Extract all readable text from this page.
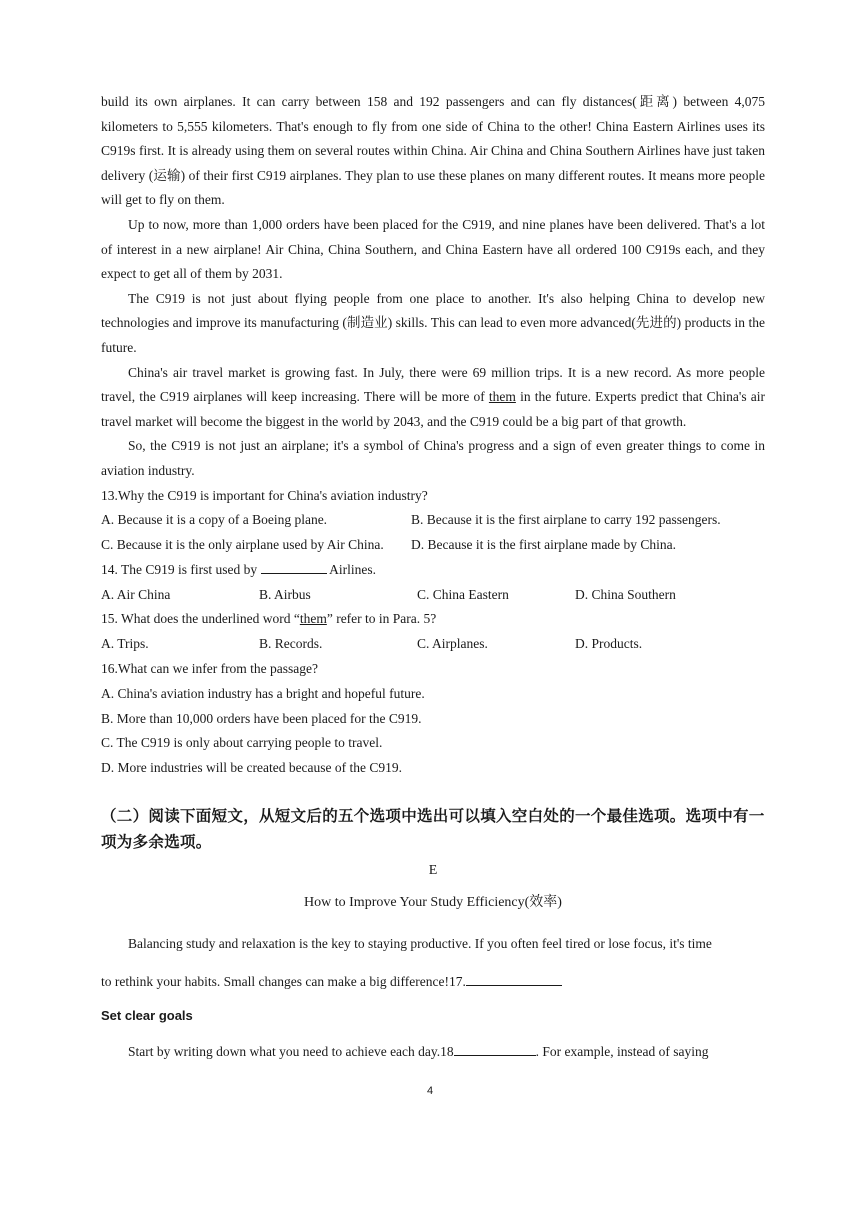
build its own airplanes. It can carry between 158 and 192 passengers and can fly distances(距离) between 4,075 kilometers to 5,555 kilometers. That's enough to fly from one side of China to the other! China Eastern Airlines uses its C919s first. It is already using them on several routes within China. Air China and China Southern Airlines have just taken delivery (运输) of their first C919 airplanes. They plan to use these planes on many different routes. It means more people will get to fly on them.

Up to now, more than 1,000 orders have been placed for the C919, and nine planes have been delivered. That's a lot of interest in a new airplane! Air China, China Southern, and China Eastern have all ordered 100 C919s each, and they expect to get all of them by 2031.

The C919 is not just about flying people from one place to another. It's also helping China to develop new technologies and improve its manufacturing (制造业) skills. This can lead to even more advanced(先进的) products in the future.

China's air travel market is growing fast. In July, there were 69 million trips. It is a new record. As more people travel, the C919 airplanes will keep increasing. There will be more of them in the future. Experts predict that China's air travel market will become the biggest in the world by 2043, and the C919 could be a big part of that growth.

So, the C919 is not just an airplane; it's a symbol of China's progress and a sign of even greater things to come in aviation industry.

13.Why the C919 is important for China's aviation industry?

A. Because it is a copy of a Boeing plane.	B. Because it is the first airplane to carry 192 passengers.
C. Because it is the only airplane used by Air China.	D. Because it is the first airplane made by China.

14. The C919 is first used by	Airlines.

A. Air China	B. Airbus	C. China Eastern	D. China Southern

15. What does the underlined word “them” refer to in Para. 5?

A. Trips.	B. Records.	C. Airplanes.	D. Products.

16.What can we infer from the passage?

A. China's aviation industry has a bright and hopeful future.

B. More than 10,000 orders have been placed for the C919.

C. The C919 is only about carrying people to travel.

D. More industries will be created because of the C919.

（二）阅读下面短文，从短文后的五个选项中选出可以填入空白处的一个最佳选项。选项中有一项为多余选项。

E

How to Improve Your Study Efficiency(效率)

Balancing study and relaxation is the key to staying productive. If you often feel tired or lose focus, it's time

to rethink your habits. Small changes can make a big difference!17.

Set clear goals

Start by writing down what you need to achieve each day.18	. For example, instead of saying

4
